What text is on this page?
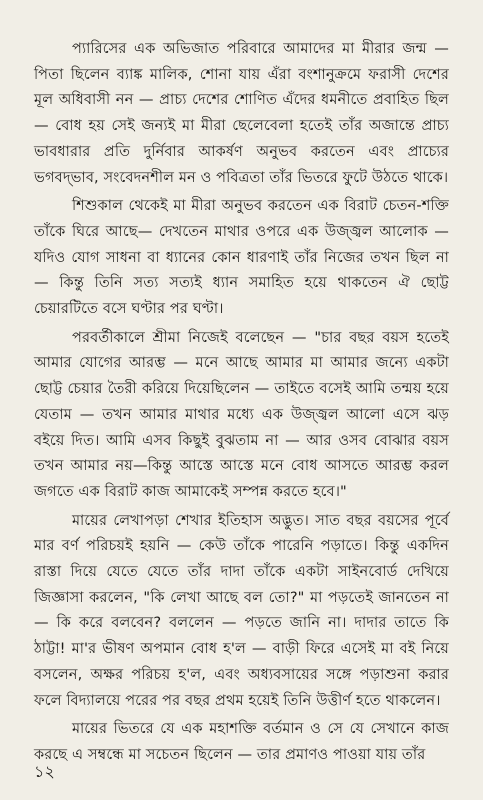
প্যারিসের এক অভিজাত পরিবারে আমাদের মা মীরার জন্ম — পিতা ছিলেন ব্যাঙ্ক মালিক, শোনা যায় এঁরা বংশানুক্রমে ফরাসী দেশের মূল অধিবাসী নন — প্রাচ্য দেশের শোণিত এঁদের ধমনীতে প্রবাহিত ছিল — বোধ হয় সেই জন্যই মা মীরা ছেলেবেলা হতেই তাঁর অজান্তে প্রাচ্য ভাবধারার প্রতি দুর্নিবার আকর্ষণ অনুভব করতেন এবং প্রাচ্যের ভগবদ্‌ভাব, সংবেদনশীল মন ও পবিত্রতা তাঁর ভিতরে ফুটে উঠতে থাকে।

শিশুকাল থেকেই মা মীরা অনুভব করতেন এক বিরাট চেতন-শক্তি তাঁকে ঘিরে আছে— দেখতেন মাথার ওপরে এক উজ্জ্বল আলোক — যদিও যোগ সাধনা বা ধ্যানের কোন ধারণাই তাঁর নিজের তখন ছিল না — কিন্তু তিনি সত্য সত্যই ধ্যান সমাহিত হয়ে থাকতেন ঐ ছোট্ট চেয়ারটিতে বসে ঘণ্টার পর ঘণ্টা।

পরবর্তীকালে শ্রীমা নিজেই বলেছেন — "চার বছর বয়স হতেই আমার যোগের আরম্ভ — মনে আছে আমার মা আমার জন্যে একটা ছোট্ট চেয়ার তৈরী করিয়ে দিয়েছিলেন — তাইতে বসেই আমি তন্ময় হয়ে যেতাম — তখন আমার মাথার মধ্যে এক উজ্জ্বল আলো এসে ঝড় বইয়ে দিত। আমি এসব কিছুই বুঝতাম না — আর ওসব বোঝার বয়স তখন আমার নয়—কিন্তু আস্তে আস্তে মনে বোধ আসতে আরম্ভ করল জগতে এক বিরাট কাজ আমাকেই সম্পন্ন করতে হবে।"

মায়ের লেখাপড়া শেখার ইতিহাস অদ্ভুত। সাত বছর বয়সের পূর্বে মার বর্ণ পরিচয়ই হয়নি — কেউ তাঁকে পারেনি পড়াতে। কিন্তু একদিন রাস্তা দিয়ে যেতে যেতে তাঁর দাদা তাঁকে একটা সাইনবোর্ড দেখিয়ে জিজ্ঞাসা করলেন, "কি লেখা আছে বল তো?" মা পড়তেই জানতেন না — কি করে বলবেন? বললেন — পড়তে জানি না। দাদার তাতে কি ঠাট্টা! মা'র ভীষণ অপমান বোধ হ'ল — বাড়ী ফিরে এসেই মা বই নিয়ে বসলেন, অক্ষর পরিচয় হ'ল, এবং অধ্যবসায়ের সঙ্গে পড়াশুনা করার ফলে বিদ্যালয়ে পরের পর বছর প্রথম হয়েই তিনি উত্তীর্ণ হতে থাকলেন।

মায়ের ভিতরে যে এক মহাশক্তি বর্তমান ও সে যে সেখানে কাজ করছে এ সম্বন্ধে মা সচেতন ছিলেন — তার প্রমাণও পাওয়া যায় তাঁর

১২
